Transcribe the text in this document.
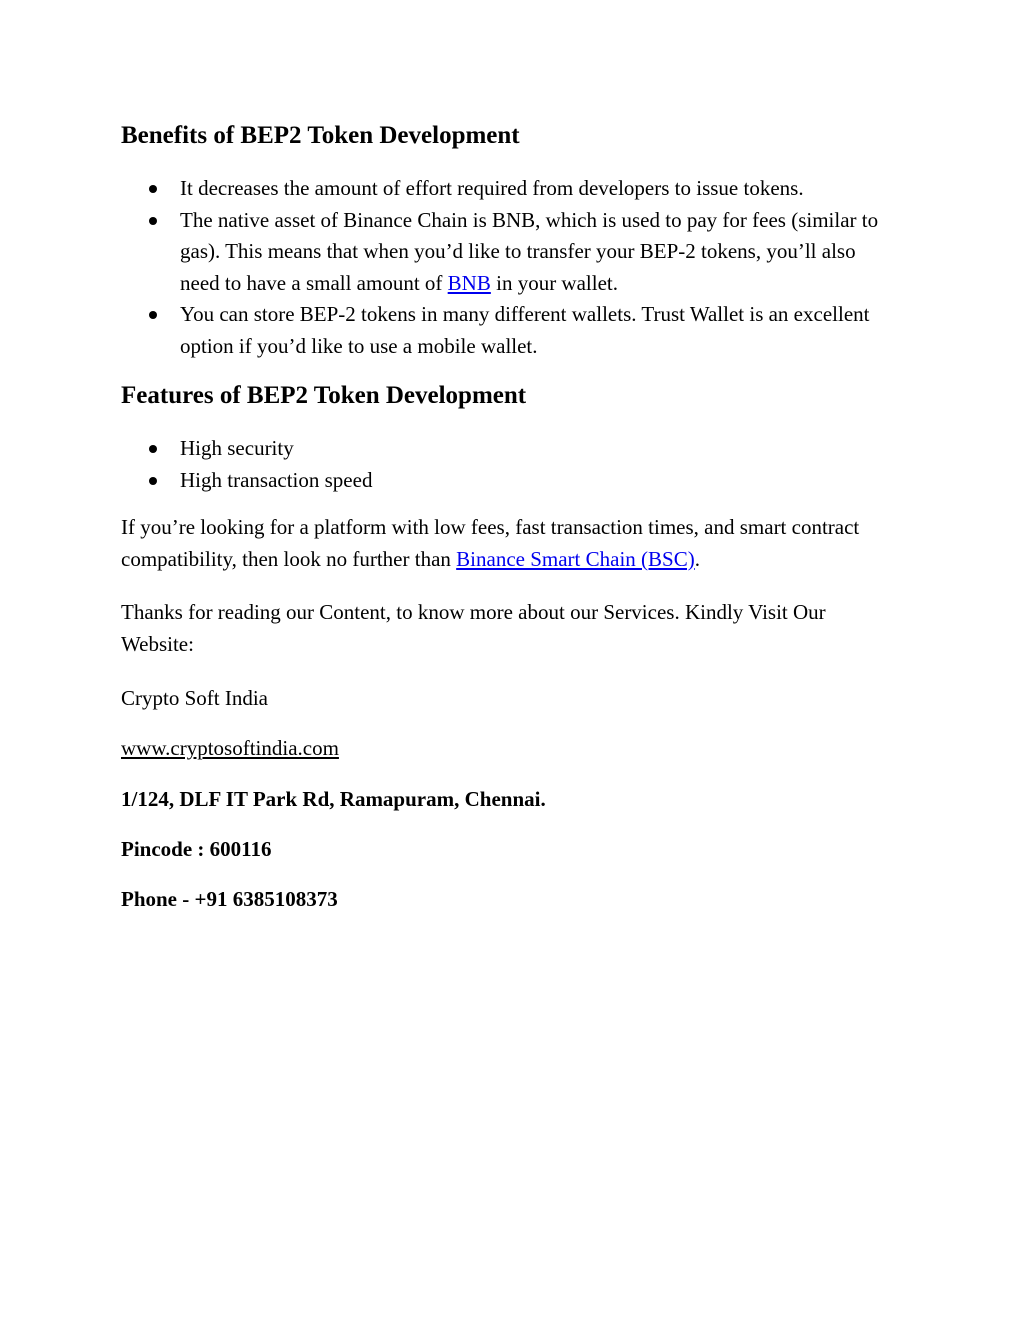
Benefits of BEP2 Token Development
It decreases the amount of effort required from developers to issue tokens.
The native asset of Binance Chain is BNB, which is used to pay for fees (similar to gas). This means that when you’d like to transfer your BEP-2 tokens, you’ll also need to have a small amount of BNB in your wallet.
You can store BEP-2 tokens in many different wallets. Trust Wallet is an excellent option if you’d like to use a mobile wallet.
Features of BEP2 Token Development
High security
High transaction speed

If you’re looking for a platform with low fees, fast transaction times, and smart contract compatibility, then look no further than Binance Smart Chain (BSC).

Thanks for reading our Content, to know more about our Services. Kindly Visit Our Website:

Crypto Soft India

www.cryptosoftindia.com

1/124, DLF IT Park Rd, Ramapuram, Chennai.

Pincode : 600116

Phone - +91 6385108373
